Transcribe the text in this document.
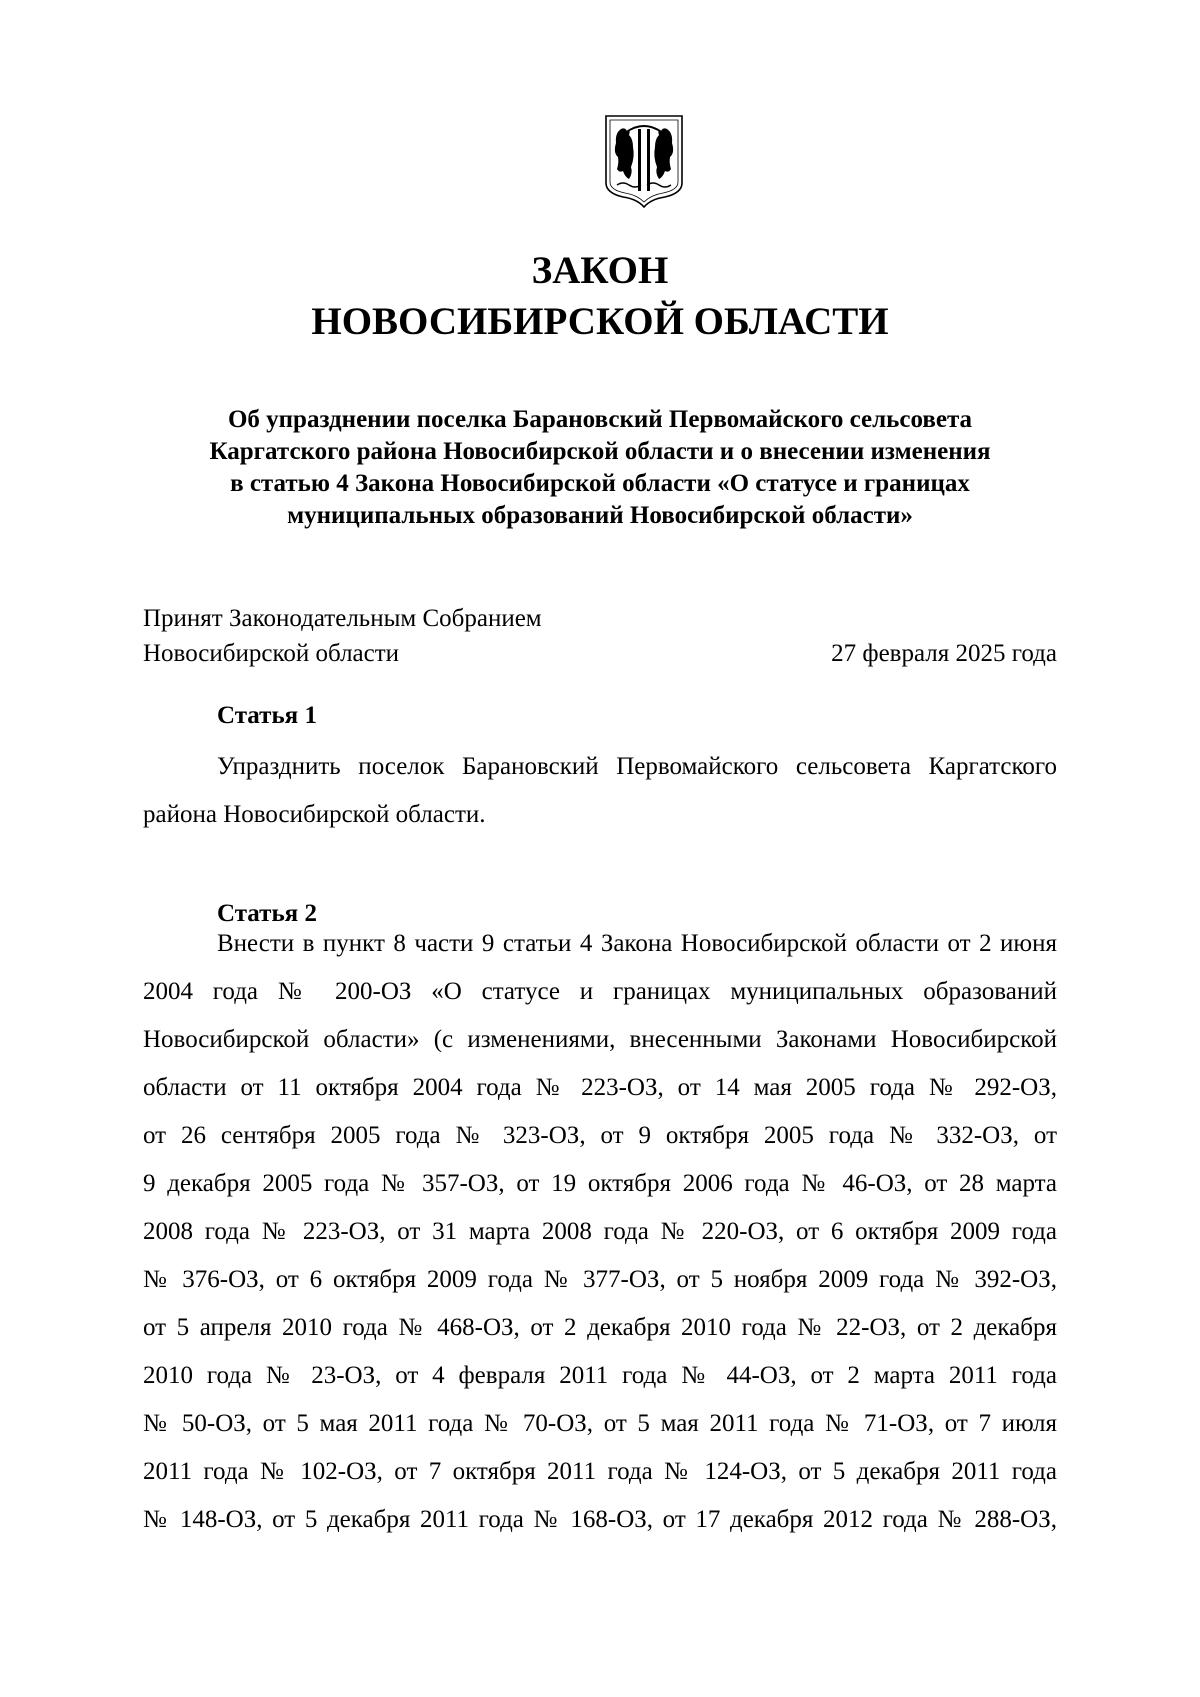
ЗАКОН
НОВОСИБИРСКОЙ ОБЛАСТИ
Об упразднении поселка Барановский Первомайского сельсовета
Каргатского района Новосибирской области и о внесении изменения
в статью 4 Закона Новосибирской области «О статусе и границах
муниципальных образований Новосибирской области»
Принят Законодательным Собранием
Новосибирской области	27 февраля 2025 года
Статья 1
Упразднить поселок Барановский Первомайского сельсовета Каргатского
района Новосибирской области.
Статья 2
Внести в пункт 8 части 9 статьи 4 Закона Новосибирской области от 2 июня
2004 года № 200-ОЗ «О статусе и границах муниципальных образований
Новосибирской области» (с изменениями, внесенными Законами Новосибирской
области от 11 октября 2004 года № 223-ОЗ, от 14 мая 2005 года № 292-ОЗ,
от 26 сентября 2005 года № 323-ОЗ, от 9 октября 2005 года № 332-ОЗ, от
9 декабря 2005 года № 357-ОЗ, от 19 октября 2006 года № 46-ОЗ, от 28 марта
2008 года № 223-ОЗ, от 31 марта 2008 года № 220-ОЗ, от 6 октября 2009 года
№ 376-ОЗ, от 6 октября 2009 года № 377-ОЗ, от 5 ноября 2009 года № 392-ОЗ,
от 5 апреля 2010 года № 468-ОЗ, от 2 декабря 2010 года № 22-ОЗ, от 2 декабря
2010 года № 23-ОЗ, от 4 февраля 2011 года № 44-ОЗ, от 2 марта 2011 года
№ 50-ОЗ, от 5 мая 2011 года № 70-ОЗ, от 5 мая 2011 года № 71-ОЗ, от 7 июля
2011 года № 102-ОЗ, от 7 октября 2011 года № 124-ОЗ, от 5 декабря 2011 года
№ 148-ОЗ, от 5 декабря 2011 года № 168-ОЗ, от 17 декабря 2012 года № 288-ОЗ,
